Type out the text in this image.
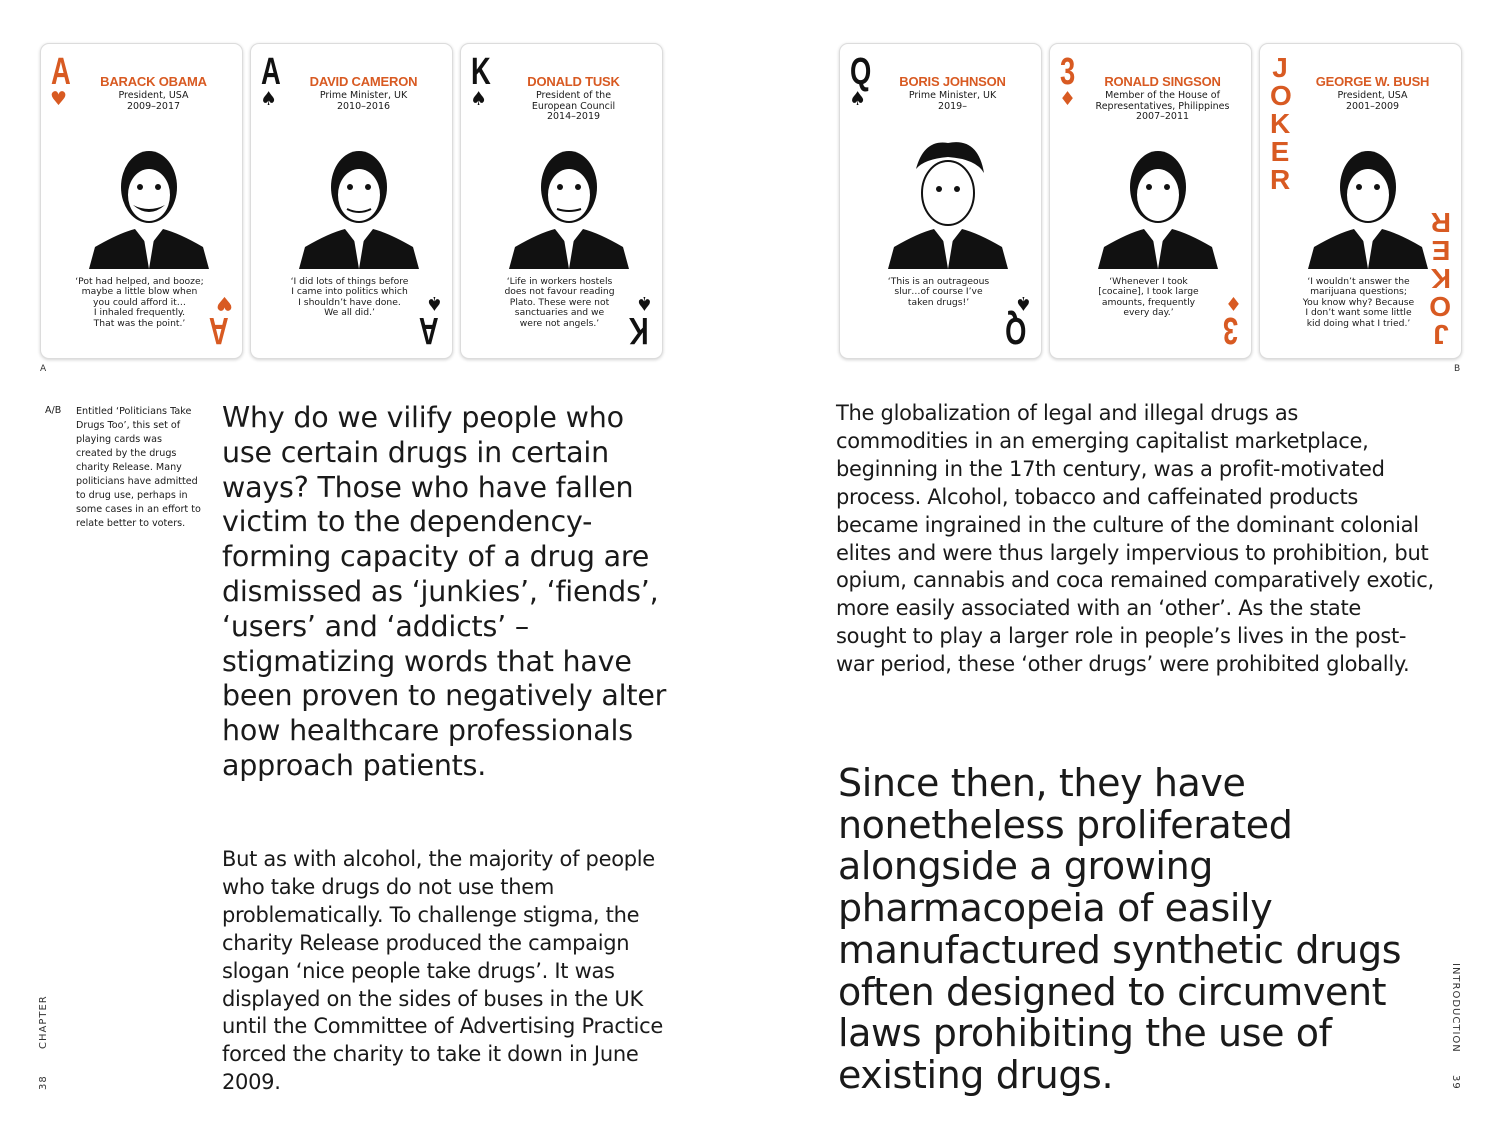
A
♥
BARACK OBAMA
President, USA
2009–2017
‘Pot had helped, and booze;
maybe a little blow when
you could afford it…
I inhaled frequently.
That was the point.’ A
♥
A
♠
DAVID CAMERON
Prime Minister, UK
2010–2016
‘I did lots of things before
I came into politics which
I shouldn’t have done.
We all did.’	A
♠
K
♠
DONALD TUSK
President of the
European Council
2014–2019
‘Life in workers hostels
does not favour reading
Plato. These were not
sanctuaries and we
were not angels.’ K
♠
Q
♠
BORIS JOHNSON
Prime Minister, UK
2019–
‘This is an outrageous
slur…of course I’ve
taken drugs!’
Q
♠
3
♦
RONALD SINGSON
Member of the House of
Representatives, Philippines
2007–2011
‘Whenever I took
[cocaine], I took large
amounts, frequently
every day.’	3
♦
JOKER
GEORGE W. BUSH
President, USA
2001–2009
‘I wouldn’t answer the
marijuana questions;
You know why? Because
I don’t want some little
kid doing what I tried.’ JOKER
A	B
A/B Entitled ‘Politicians Take Drugs Too’, this set of playing cards was created by the drugs charity Release. Many politicians have admitted to drug use, perhaps in some cases in an effort to relate better to voters.
Why do we vilify people who use certain drugs in certain ways? Those who have fallen victim to the dependency-forming capacity of a drug are dismissed as ‘junkies’, ‘fiends’, ‘users’ and ‘addicts’ – stigmatizing words that have been proven to negatively alter how healthcare professionals approach patients.
But as with alcohol, the majority of people who take drugs do not use them problematically. To challenge stigma, the charity Release produced the campaign slogan ‘nice people take drugs’. It was displayed on the sides of buses in the UK until the Committee of Advertising Practice forced the charity to take it down in June 2009.
The globalization of legal and illegal drugs as commodities in an emerging capitalist marketplace, beginning in the 17th century, was a profit-motivated process. Alcohol, tobacco and caffeinated products became ingrained in the culture of the dominant colonial elites and were thus largely impervious to prohibition, but opium, cannabis and coca remained comparatively exotic, more easily associated with an ‘other’. As the state sought to play a larger role in people’s lives in the post-war period, these ‘other drugs’ were prohibited globally.
Since then, they have nonetheless proliferated alongside a growing pharmacopeia of easily manufactured synthetic drugs often designed to circumvent laws prohibiting the use of existing drugs.
CHAPTER
38
INTRODUCTION
39
